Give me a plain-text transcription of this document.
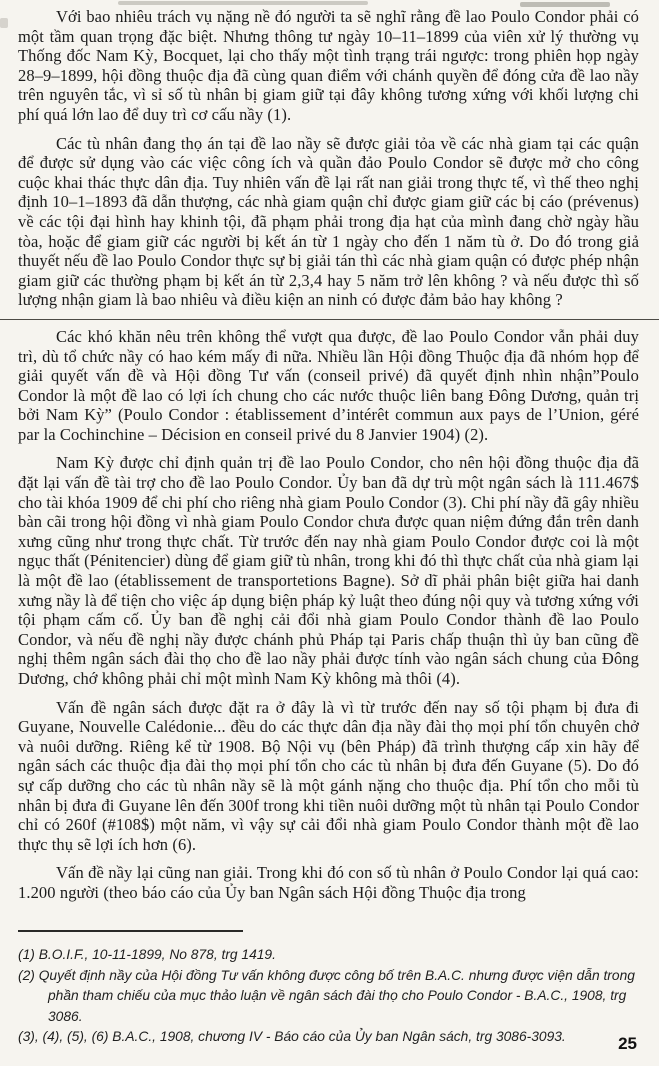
Với bao nhiêu trách vụ nặng nề đó người ta sẽ nghĩ rằng đề lao Poulo Condor phải có một tầm quan trọng đặc biệt. Nhưng thông tư ngày 10–11–1899 của viên xử lý thường vụ Thống đốc Nam Kỳ, Bocquet, lại cho thấy một tình trạng trái ngược: trong phiên họp ngày 28–9–1899, hội đồng thuộc địa đã cùng quan điểm với chánh quyền để đóng cửa đề lao nầy trên nguyên tắc, vì sỉ số tù nhân bị giam giữ tại đây không tương xứng với khối lượng chi phí quá lớn lao để duy trì cơ cấu nầy (1).

Các tù nhân đang thọ án tại đề lao nầy sẽ được giải tỏa về các nhà giam tại các quận để được sử dụng vào các việc công ích và quần đảo Poulo Condor sẽ được mở cho công cuộc khai thác thực dân địa. Tuy nhiên vấn đề lại rất nan giải trong thực tế, vì thế theo nghị định 10–1–1893 đã dẫn thượng, các nhà giam quận chỉ được giam giữ các bị cáo (prévenus) về các tội đại hình hay khinh tội, đã phạm phải trong địa hạt của mình đang chờ ngày hầu tòa, hoặc để giam giữ các người bị kết án từ 1 ngày cho đến 1 năm tù ở. Do đó trong giả thuyết nếu đề lao Poulo Condor thực sự bị giải tán thì các nhà giam quận có được phép nhận giam giữ các thường phạm bị kết án từ 2,3,4 hay 5 năm trở lên không ? và nếu được thì số lượng nhận giam là bao nhiêu và điều kiện an ninh có được đảm bảo hay không ?

Các khó khăn nêu trên không thể vượt qua được, đề lao Poulo Condor vẫn phải duy trì, dù tổ chức nầy có hao kém mấy đi nữa. Nhiều lần Hội đồng Thuộc địa đã nhóm họp để giải quyết vấn đề và Hội đồng Tư vấn (conseil privé) đã quyết định nhìn nhận”Poulo Condor là một đề lao có lợi ích chung cho các nước thuộc liên bang Đông Dương, quản trị bởi Nam Kỳ” (Poulo Condor : établissement d’intérêt commun aux pays de l’Union, géré par la Cochinchine – Décision en conseil privé du 8 Janvier 1904) (2).

Nam Kỳ được chỉ định quản trị đề lao Poulo Condor, cho nên hội đồng thuộc địa đã đặt lại vấn đề tài trợ cho đề lao Poulo Condor. Ủy ban đã dự trù một ngân sách là 111.467$ cho tài khóa 1909 để chi phí cho riêng nhà giam Poulo Condor (3). Chi phí nầy đã gây nhiều bàn cãi trong hội đồng vì nhà giam Poulo Condor chưa được quan niệm đứng đắn trên danh xưng cũng như trong thực chất. Từ trước đến nay nhà giam Poulo Condor được coi là một ngục thất (Pénitencier) dùng để giam giữ tù nhân, trong khi đó thì thực chất của nhà giam lại là một đề lao (établissement de transportetions Bagne). Sở dĩ phải phân biệt giữa hai danh xưng nầy là để tiện cho việc áp dụng biện pháp kỷ luật theo đúng nội quy và tương xứng với tội phạm cấm cố. Ủy ban đề nghị cải đổi nhà giam Poulo Condor thành đề lao Poulo Condor, và nếu đề nghị nầy được chánh phủ Pháp tại Paris chấp thuận thì ủy ban cũng đề nghị thêm ngân sách đài thọ cho đề lao nầy phải được tính vào ngân sách chung của Đông Dương, chớ không phải chỉ một mình Nam Kỳ không mà thôi (4).

Vấn đề ngân sách được đặt ra ở đây là vì từ trước đến nay số tội phạm bị đưa đi Guyane, Nouvelle Calédonie... đều do các thực dân địa nầy đài thọ mọi phí tổn chuyên chở và nuôi dưỡng. Riêng kể từ 1908. Bộ Nội vụ (bên Pháp) đã trình thượng cấp xin hãy để ngân sách các thuộc địa đài thọ mọi phí tổn cho các tù nhân bị đưa đến Guyane (5). Do đó sự cấp dưỡng cho các tù nhân nầy sẽ là một gánh nặng cho thuộc địa. Phí tổn cho mỗi tù nhân bị đưa đi Guyane lên đến 300f trong khi tiền nuôi dưỡng một tù nhân tại Poulo Condor chỉ có 260f (#108$) một năm, vì vậy sự cải đổi nhà giam Poulo Condor thành một đề lao thực thụ sẽ lợi ích hơn (6).

Vấn đề nầy lại cũng nan giải. Trong khi đó con số tù nhân ở Poulo Condor lại quá cao: 1.200 người (theo báo cáo của Ủy ban Ngân sách Hội đồng Thuộc địa trong

(1) B.O.I.F., 10-11-1899, No 878, trg 1419.

(2) Quyết định nầy của Hội đồng Tư vấn không được công bố trên B.A.C. nhưng được viện dẫn trong phần tham chiếu của mục thảo luận về ngân sách đài thọ cho Poulo Condor - B.A.C., 1908, trg 3086.

(3), (4), (5), (6) B.A.C., 1908, chương IV - Báo cáo của Ủy ban Ngân sách, trg 3086-3093.	25
